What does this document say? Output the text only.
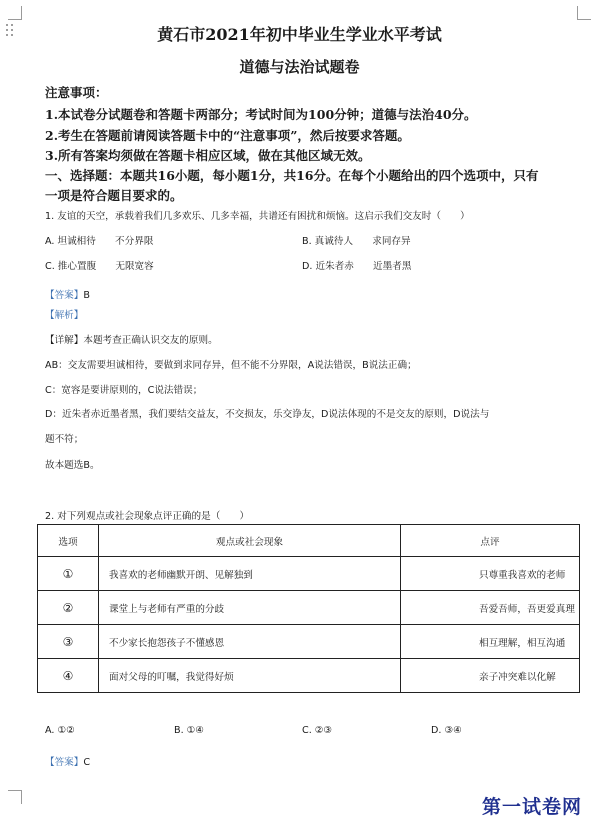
黄石市2021年初中毕业生学业水平考试
道德与法治试题卷
注意事项：
1.本试卷分试题卷和答题卡两部分；考试时间为100分钟；道德与法治40分。
2.考生在答题前请阅读答题卡中的“注意事项”，然后按要求答题。
3.所有答案均须做在答题卡相应区域，做在其他区域无效。
一、选择题：本题共16小题，每小题1分，共16分。在每个小题给出的四个选项中，只有
一项是符合题目要求的。
1. 友谊的天空，承载着我们几多欢乐、几多幸福，共谱还有困扰和烦恼。这启示我们交友时（　　）
A. 坦诚相待　　不分界限	B. 真诚待人　　求同存异
C. 推心置腹　　无限宽容	D. 近朱者赤　　近墨者黑
【答案】B
【解析】
【详解】本题考查正确认识交友的原则。
AB：交友需要坦诚相待，要做到求同存异，但不能不分界限，A说法错误，B说法正确；
C：宽容是要讲原则的，C说法错误；
D：近朱者赤近墨者黑，我们要结交益友，不交损友，乐交诤友，D说法体现的不是交友的原则，D说法与
题不符；
故本题选B。
2. 对下列观点或社会现象点评正确的是（　　）
选项	观点或社会现象	点评
①	我喜欢的老师幽默开朗、见解独到	只尊重我喜欢的老师
②	课堂上与老师有严重的分歧	吾爱吾师，吾更爱真理
③	不少家长抱怨孩子不懂感恩	相互理解，相互沟通
④	面对父母的叮嘱，我觉得好烦	亲子冲突难以化解
A. ①②	B. ①④	C. ②③	D. ③④
【答案】C
第一试卷网
